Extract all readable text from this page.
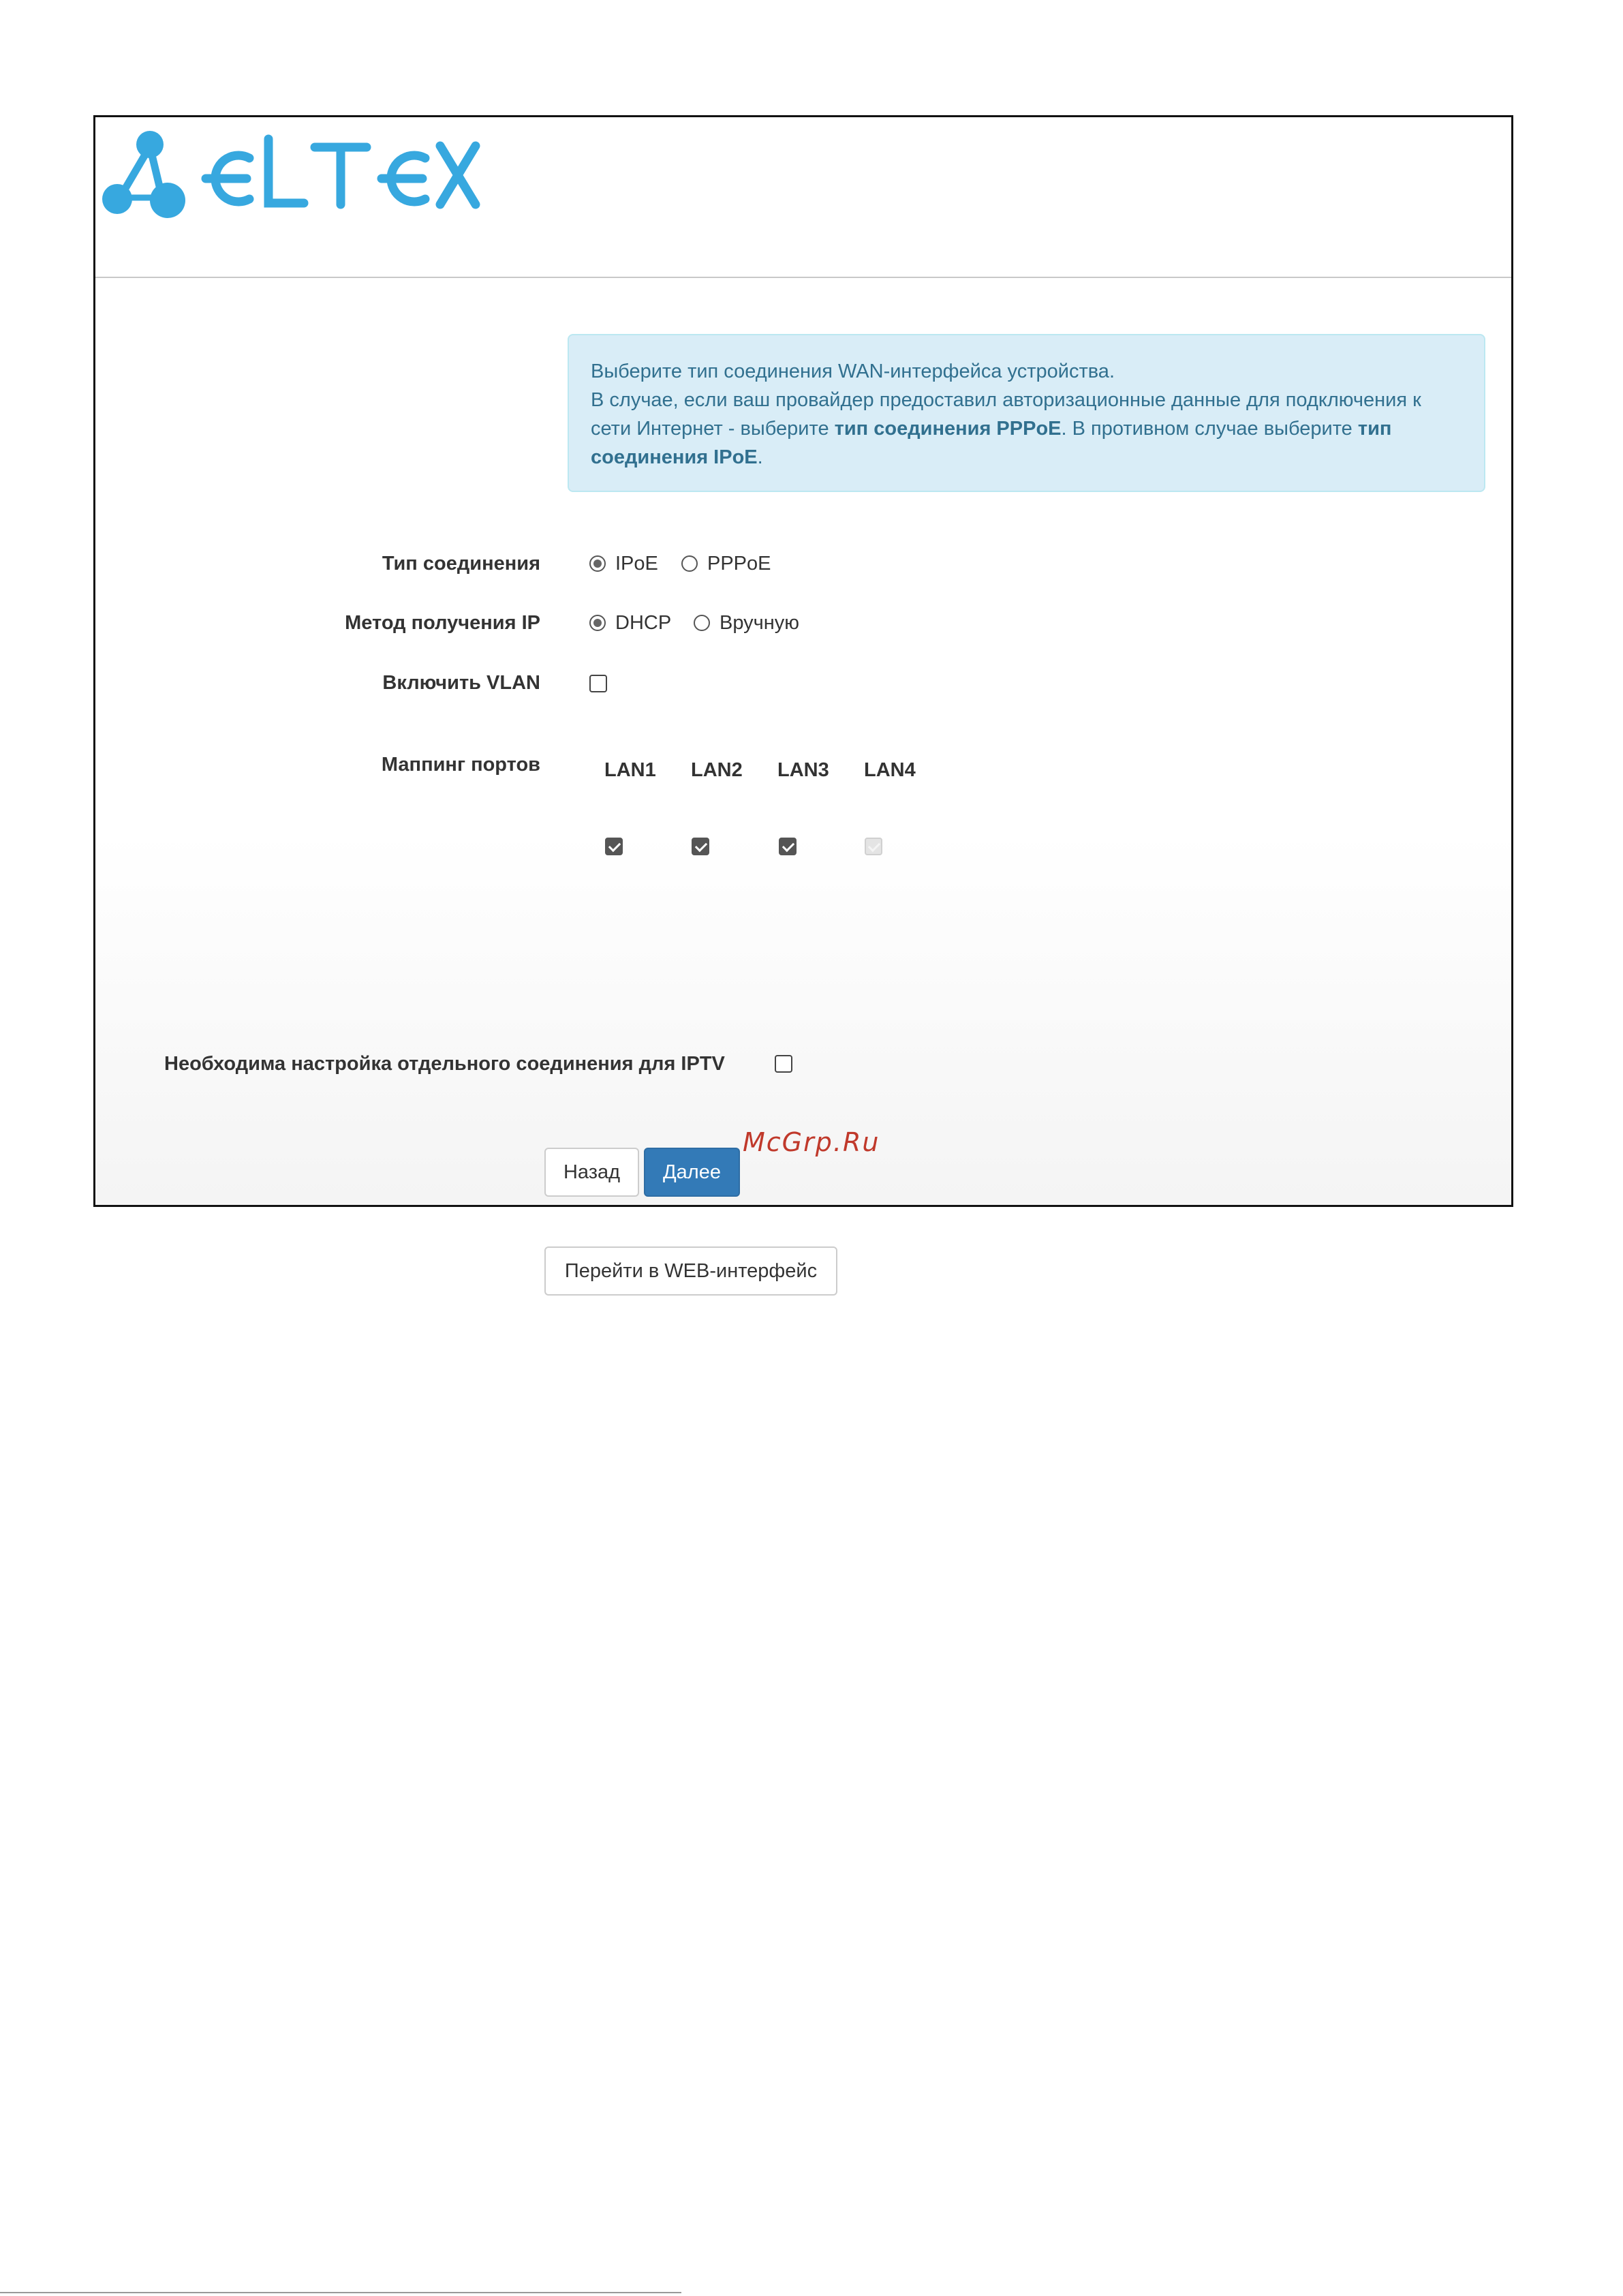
Выберите тип соединения WAN-интерфейса устройства.

В случае, если ваш провайдер предоставил авторизационные данные для подключения к сети Интернет - выберите тип соединения PPPoE. В противном случае выберите тип соединения IPoE.

Тип соединения	IPoE PPPoE
Метод получения IP	DHCP Вручную
Включить VLAN
Маппинг портов	LAN1 LAN2 LAN3 LAN4
Необходима настройка отдельного соединения для IPTV
Назад	Далее
Перейти в WEB-интерфейс
McGrp.Ru
